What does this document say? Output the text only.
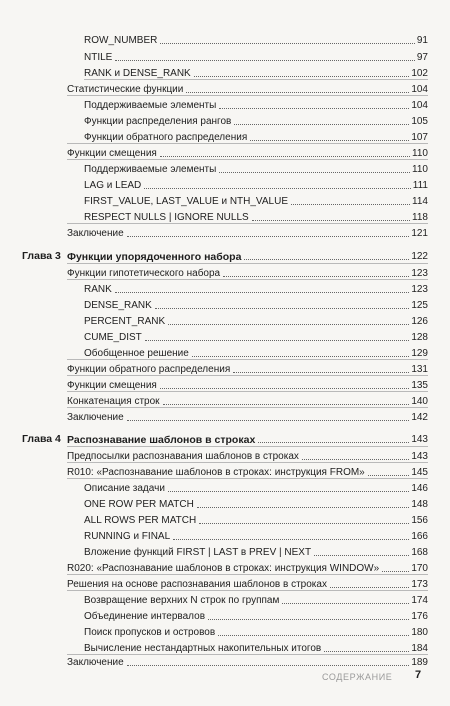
ROW_NUMBER	91
NTILE	97
RANK и DENSE_RANK	102
Статистические функции	104
Поддерживаемые элементы	104
Функции распределения рангов	105
Функции обратного распределения	107
Функции смещения	110
Поддерживаемые элементы	110
LAG и LEAD	111
FIRST_VALUE, LAST_VALUE и NTH_VALUE	114
RESPECT NULLS | IGNORE NULLS	118
Заключение	121
Глава 3 Функции упорядоченного набора	122
Функции гипотетического набора	123
RANK	123
DENSE_RANK	125
PERCENT_RANK	126
CUME_DIST	128
Обобщенное решение	129
Функции обратного распределения	131
Функции смещения	135
Конкатенация строк	140
Заключение	142
Глава 4 Распознавание шаблонов в строках	143
Предпосылки распознавания шаблонов в строках	143
R010: «Распознавание шаблонов в строках: инструкция FROM»	145
Описание задачи	146
ONE ROW PER MATCH	148
ALL ROWS PER MATCH	156
RUNNING и FINAL	166
Вложение функций FIRST | LAST в PREV | NEXT	168
R020: «Распознавание шаблонов в строках: инструкция WINDOW»	170
Решения на основе распознавания шаблонов в строках	173
Возвращение верхних N строк по группам	174
Объединение интервалов	176
Поиск пропусков и островов	180
Вычисление нестандартных накопительных итогов	184
Заключение	189
СОДЕРЖАНИЕ 7
